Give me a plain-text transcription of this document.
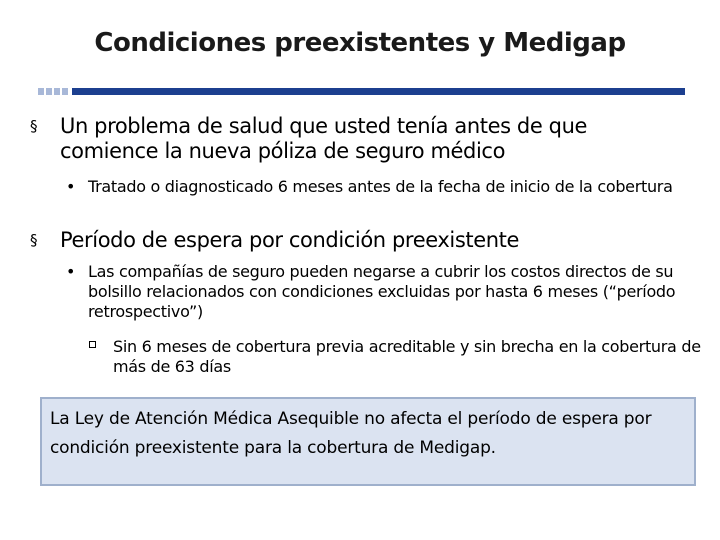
Condiciones preexistentes y Medigap
§ Un problema de salud que usted tenía antes de que comience la nueva póliza de seguro médico
• Tratado o diagnosticado 6 meses antes de la fecha de inicio de la cobertura
§ Período de espera por condición preexistente
• Las compañías de seguro pueden negarse a cubrir los costos directos de su bolsillo relacionados con condiciones excluidas por hasta 6 meses (“período retrospectivo”)
Sin 6 meses de cobertura previa acreditable y sin brecha en la cobertura de más de 63 días
La Ley de Atención Médica Asequible no afecta el período de espera por condición preexistente para la cobertura de Medigap.
